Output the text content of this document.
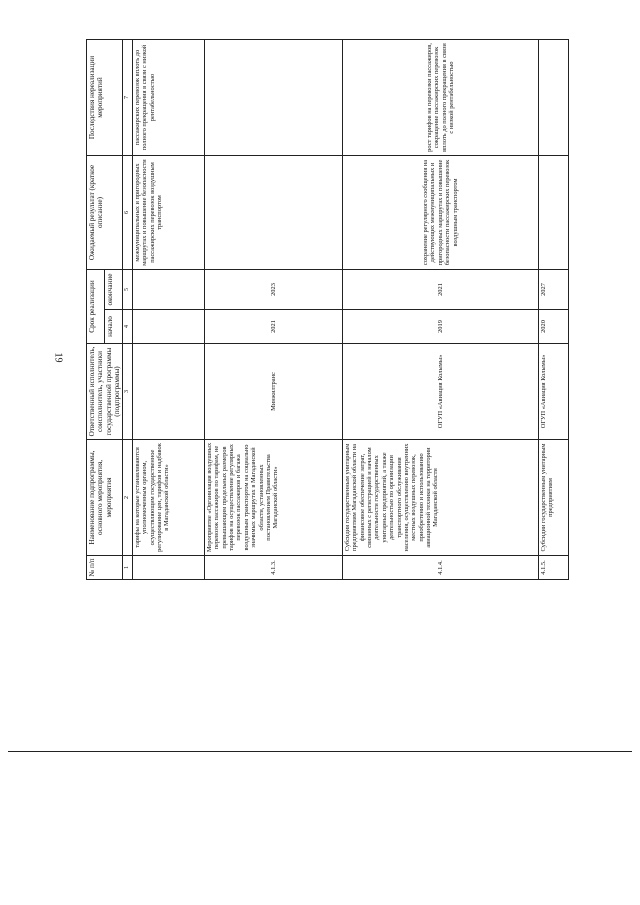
19
№ п/п	Наименование подпрограммы, основного мероприятия, мероприятия	Ответственный исполнитель, соисполнитель, участники государственной программы (подпрограммы)	Срок реализации		Ожидаемый результат (краткое описание)	Последствия нереализации мероприятий
			начало	окончание		
1	2	3	4	5	6	7
	тарифы на которые устанавливаются уполномоченным органом, осуществляющим государственное регулирование цен, тарифов и надбавок в Магаданской области»				межмуниципальных и пригородных маршрутах и повышение безопасности пассажирских перевозок воздушным транспортом	пассажирских перевозок вплоть до полного прекращения в связи с низкой рентабельностью
4.1.3.	Мероприятие «Организация воздушных перевозок пассажиров по тарифам, не превышающим предельных размеров тарифов на осуществление регулярных перевозок пассажиров и багажа воздушным транспортом на социально значимых маршрутах в Магаданской области, установленных постановлением Правительства Магаданской области»	Минжилтранс	2021	2023		
4.1.4.	Субсидия государственным унитарным предприятиям Магаданской области на финансовое обеспечение затрат, связанных с регистрацией и началом деятельности государственных унитарных предприятий, а также деятельностью по организации транспортного обслуживания населения, осуществлению внутренних местных воздушных перевозок, приобретению и использованию авиационной техники на территории Магаданской области	ОГУП «Авиация Колымы»	2019	2021	сохранение регулярного сообщения на действующих межмуниципальных и пригородных маршрутах и повышение безопасности пассажирских перевозок воздушным транспортом	рост тарифов на перевозки пассажиров, сокращение пассажирских перевозок вплоть до полного прекращения в связи с низкой рентабельностью
4.1.5.	Субсидии государственным унитарным предприятиям	ОГУП «Авиация Колымы»	2020	2027		
